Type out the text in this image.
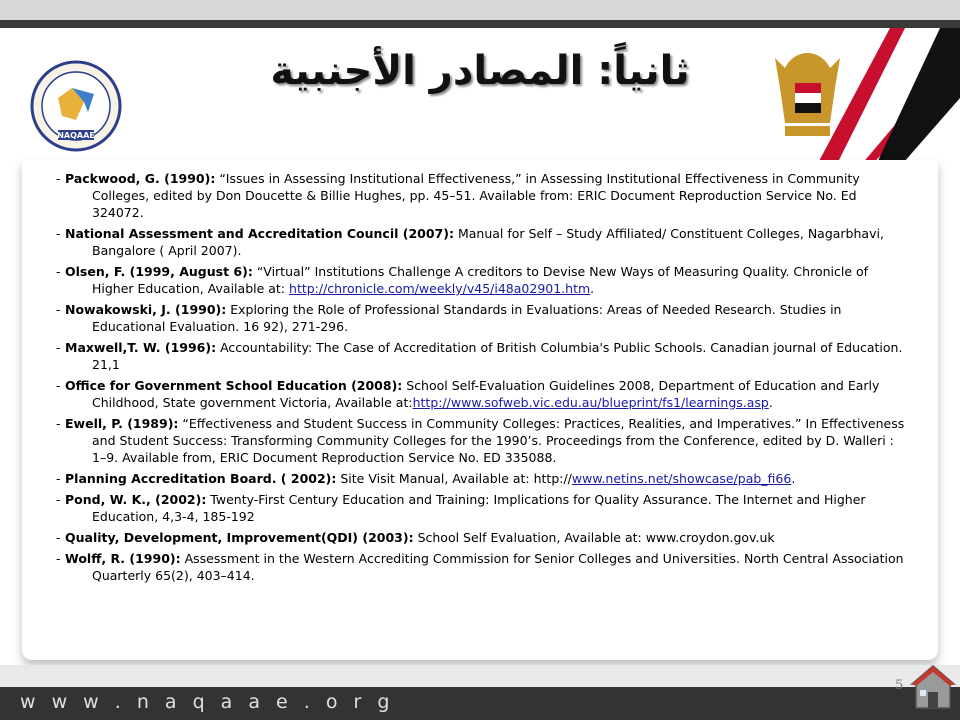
NAQAAE
ثانياً: المصادر الأجنبية
- Packwood, G. (1990): “Issues in Assessing Institutional Effectiveness,” in Assessing Institutional Effectiveness in Community Colleges, edited by Don Doucette & Billie Hughes, pp. 45–51. Available from: ERIC Document Reproduction Service No. Ed 324072.
- National Assessment and Accreditation Council (2007): Manual for Self – Study Affiliated/ Constituent Colleges, Nagarbhavi, Bangalore ( April 2007).
- Olsen, F. (1999, August 6): “Virtual” Institutions Challenge A creditors to Devise New Ways of Measuring Quality. Chronicle of Higher Education, Available at: http://chronicle.com/weekly/v45/i48a02901.htm.
- Nowakowski, J. (1990): Exploring the Role of Professional Standards in Evaluations: Areas of Needed Research. Studies in Educational Evaluation. 16 92), 271-296.
- Maxwell,T. W. (1996): Accountability: The Case of Accreditation of British Columbia's Public Schools. Canadian journal of Education. 21,1
- Office for Government School Education (2008): School Self-Evaluation Guidelines 2008, Department of Education and Early Childhood, State government Victoria, Available at:http://www.sofweb.vic.edu.au/blueprint/fs1/learnings.asp.
- Ewell, P. (1989): “Effectiveness and Student Success in Community Colleges: Practices, Realities, and Imperatives.” In Effectiveness and Student Success: Transforming Community Colleges for the 1990’s. Proceedings from the Conference, edited by D. Walleri : 1–9. Available from, ERIC Document Reproduction Service No. ED 335088.
- Planning Accreditation Board. ( 2002): Site Visit Manual, Available at: http://www.netins.net/showcase/pab_fi66.
- Pond, W. K., (2002): Twenty-First Century Education and Training: Implications for Quality Assurance. The Internet and Higher Education, 4,3-4, 185-192
- Quality, Development, Improvement(QDI) (2003): School Self Evaluation, Available at: www.croydon.gov.uk
- Wolff, R. (1990): Assessment in the Western Accrediting Commission for Senior Colleges and Universities. North Central Association Quarterly 65(2), 403–414.
w w w . n a q a a e . o r g
5
